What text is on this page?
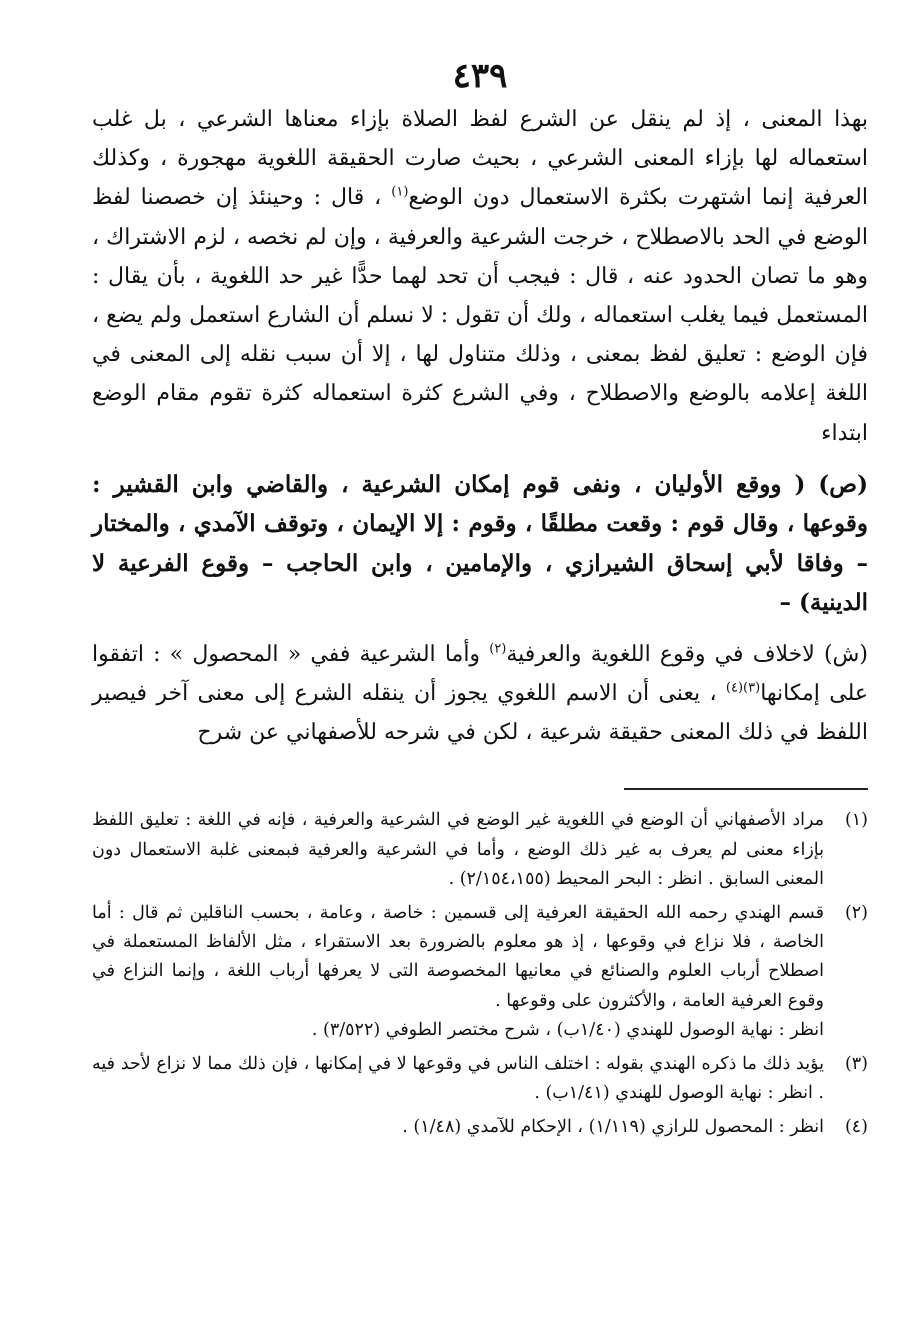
٤٣٩

بهذا المعنى ، إذ لم ينقل عن الشرع لفظ الصلاة بإزاء معناها الشرعي ، بل غلب استعماله لها بإزاء المعنى الشرعي ، بحيث صارت الحقيقة اللغوية مهجورة ، وكذلك العرفية إنما اشتهرت بكثرة الاستعمال دون الوضع$^{(١)}$ ، قال : وحينئذ إن خصصنا لفظ الوضع في الحد بالاصطلاح ، خرجت الشرعية والعرفية ، وإن لم نخصه ، لزم الاشتراك ، وهو ما تصان الحدود عنه ، قال : فيجب أن تحد لهما حدًّا غير حد اللغوية ، بأن يقال : المستعمل فيما يغلب استعماله ، ولك أن تقول : لا نسلم أن الشارع استعمل ولم يضع ، فإن الوضع : تعليق لفظ بمعنى ، وذلك متناول لها ، إلا أن سبب نقله إلى المعنى في اللغة إعلامه بالوضع والاصطلاح ، وفي الشرع كثرة استعماله كثرة تقوم مقام الوضع ابتداء

(ص) ( ووقع الأوليان ، ونفى قوم إمكان الشرعية ، والقاضي وابن القشير : وقوعها ، وقال قوم : وقعت مطلقًا ، وقوم : إلا الإيمان ، وتوقف الآمدي ، والمختار – وفاقا لأبي إسحاق الشيرازي ، والإمامين ، وابن الحاجب – وقوع الفرعية لا الدينية) –

(ش) لاخلاف في وقوع اللغوية والعرفية$^{(٢)}$ وأما الشرعية ففي « المحصول » : اتفقوا على إمكانها$^{(٣)(٤)}$ ، يعنى أن الاسم اللغوي يجوز أن ينقله الشرع إلى معنى آخر فيصير اللفظ في ذلك المعنى حقيقة شرعية ، لكن في شرحه للأصفهاني عن شرح

(١)

مراد الأصفهاني أن الوضع في اللغوية غير الوضع في الشرعية والعرفية ، فإنه في اللغة : تعليق اللفظ بإزاء معنى لم يعرف به غير ذلك الوضع ، وأما في الشرعية والعرفية فبمعنى غلبة الاستعمال دون المعنى السابق . انظر : البحر المحيط (٢/١٥٤،١٥٥) .

(٢)

قسم الهندي رحمه الله الحقيقة العرفية إلى قسمين : خاصة ، وعامة ، بحسب الناقلين ثم قال : أما الخاصة ، فلا نزاع في وقوعها ، إذ هو معلوم بالضرورة بعد الاستقراء ، مثل الألفاظ المستعملة في اصطلاح أرباب العلوم والصنائع في معانيها المخصوصة التى لا يعرفها أرباب اللغة ، وإنما النزاع في وقوع العرفية العامة ، والأكثرون على وقوعها .

انظر : نهاية الوصول للهندي (١/٤٠ب) ، شرح مختصر الطوفي (٣/٥٢٢) .

(٣)

يؤيد ذلك ما ذكره الهندي بقوله : اختلف الناس في وقوعها لا في إمكانها ، فإن ذلك مما لا نزاع لأحد فيه . انظر : نهاية الوصول للهندي (١/٤١ب) .

(٤)

انظر : المحصول للرازي (١/١١٩) ، الإحكام للآمدي (١/٤٨) .
